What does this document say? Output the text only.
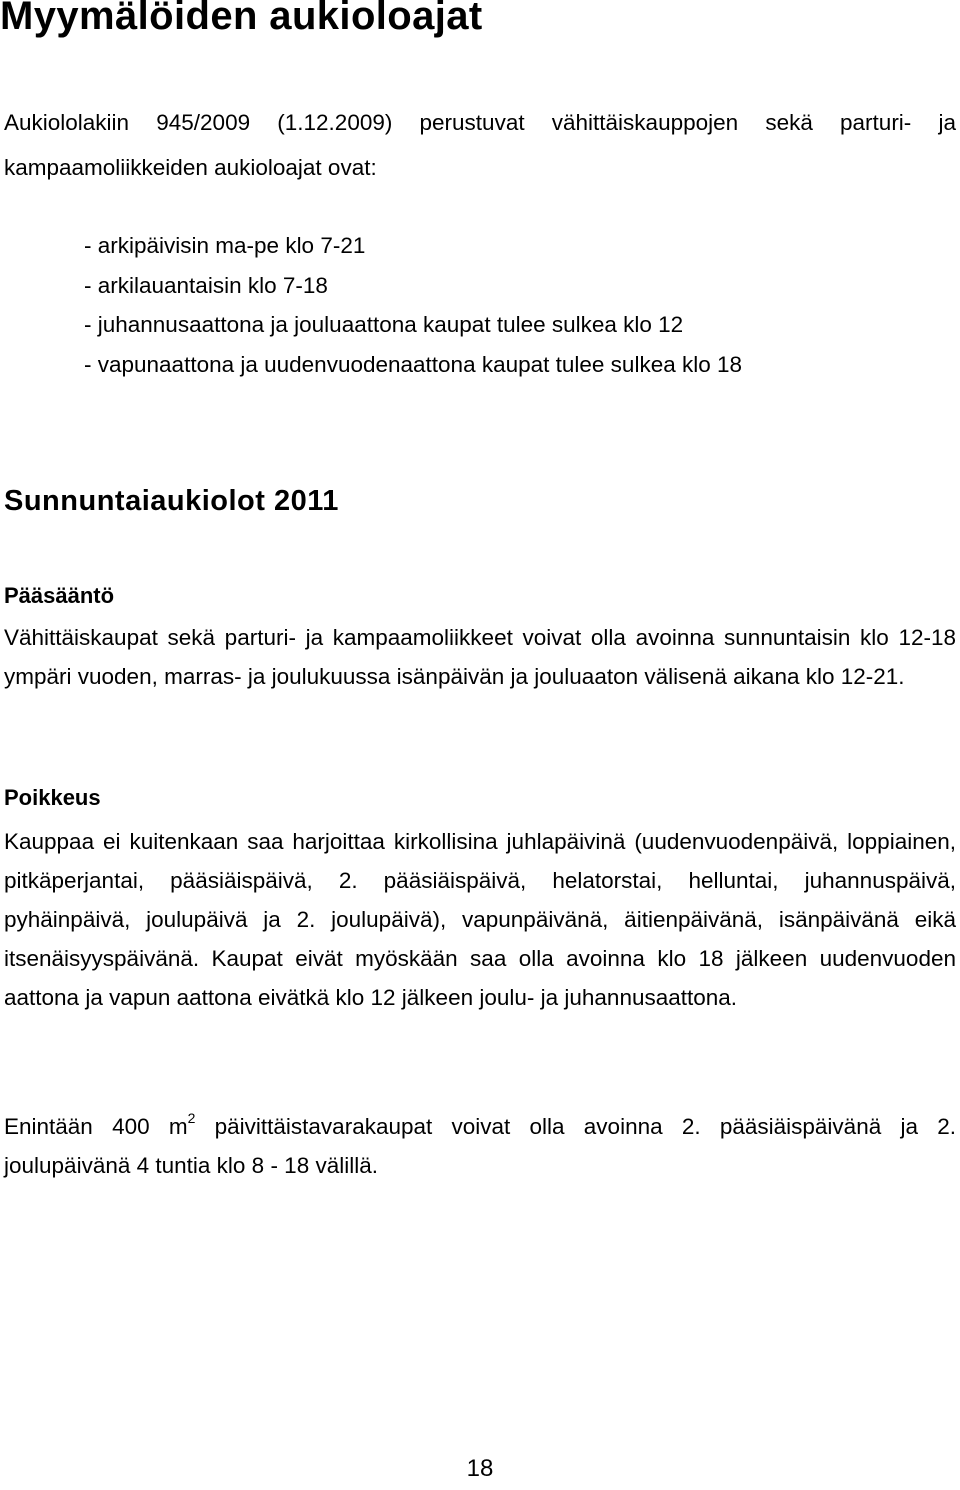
Myymälöiden aukioloajat

Aukiololakiin 945/2009 (1.12.2009) perustuvat vähittäiskauppojen sekä parturi- ja kampaamoliikkeiden aukioloajat ovat:

- arkipäivisin ma-pe klo 7-21
- arkilauantaisin klo 7-18
- juhannusaattona ja jouluaattona kaupat tulee sulkea klo 12
- vapunaattona ja uudenvuodenaattona kaupat tulee sulkea klo 18
Sunnuntaiaukiolot 2011
Pääsääntö

Vähittäiskaupat sekä parturi- ja kampaamoliikkeet voivat olla avoinna sunnuntaisin klo 12-18 ympäri vuoden, marras- ja joulukuussa isänpäivän ja jouluaaton välisenä aikana klo 12-21.

Poikkeus

Kauppaa ei kuitenkaan saa harjoittaa kirkollisina juhlapäivinä (uudenvuodenpäivä, loppiainen, pitkäperjantai, pääsiäispäivä, 2. pääsiäispäivä, helatorstai, helluntai, juhannuspäivä, pyhäinpäivä, joulupäivä ja 2. joulupäivä), vapunpäivänä, äitienpäivänä, isänpäivänä eikä itsenäisyyspäivänä. Kaupat eivät myöskään saa olla avoinna klo 18 jälkeen uudenvuoden aattona ja vapun aattona eivätkä klo 12 jälkeen joulu- ja juhannusaattona.

Enintään 400 $m^2$ päivittäistavarakaupat voivat olla avoinna 2. pääsiäispäivänä ja 2. joulupäivänä 4 tuntia klo 8 - 18 välillä.

18
